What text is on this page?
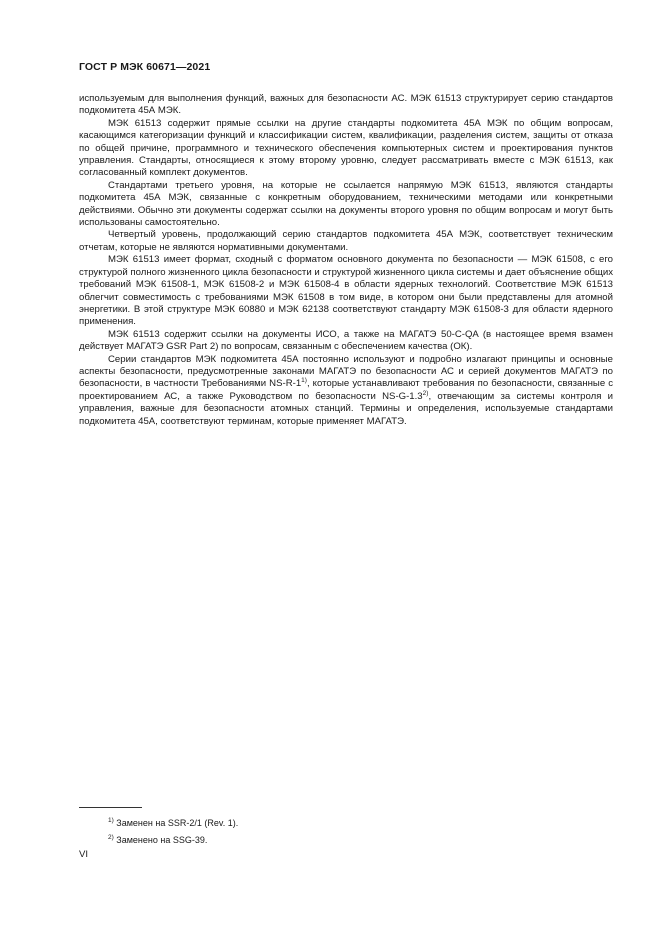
ГОСТ Р МЭК 60671—2021

используемым для выполнения функций, важных для безопасности АС. МЭК 61513 структурирует серию стандартов подкомитета 45А МЭК.

МЭК 61513 содержит прямые ссылки на другие стандарты подкомитета 45А МЭК по общим вопросам, касающимся категоризации функций и классификации систем, квалификации, разделения систем, защиты от отказа по общей причине, программного и технического обеспечения компьютерных систем и проектирования пунктов управления. Стандарты, относящиеся к этому второму уровню, следует рассматривать вместе с МЭК 61513, как согласованный комплект документов.

Стандартами третьего уровня, на которые не ссылается напрямую МЭК 61513, являются стандарты подкомитета 45А МЭК, связанные с конкретным оборудованием, техническими методами или конкретными действиями. Обычно эти документы содержат ссылки на документы второго уровня по общим вопросам и могут быть использованы самостоятельно.

Четвертый уровень, продолжающий серию стандартов подкомитета 45А МЭК, соответствует техническим отчетам, которые не являются нормативными документами.

МЭК 61513 имеет формат, сходный с форматом основного документа по безопасности — МЭК 61508, с его структурой полного жизненного цикла безопасности и структурой жизненного цикла системы и дает объяснение общих требований МЭК 61508-1, МЭК 61508-2 и МЭК 61508-4 в области ядерных технологий. Соответствие МЭК 61513 облегчит совместимость с требованиями МЭК 61508 в том виде, в котором они были представлены для атомной энергетики. В этой структуре МЭК 60880 и МЭК 62138 соответствуют стандарту МЭК 61508-3 для области ядерного применения.

МЭК 61513 содержит ссылки на документы ИСО, а также на МАГАТЭ 50-С-QA (в настоящее время взамен действует МАГАТЭ GSR Part 2) по вопросам, связанным с обеспечением качества (ОК).

Серии стандартов МЭК подкомитета 45А постоянно используют и подробно излагают принципы и основные аспекты безопасности, предусмотренные законами МАГАТЭ по безопасности АС и серией документов МАГАТЭ по безопасности, в частности Требованиями NS-R-1$^{1)}$, которые устанавливают требования по безопасности, связанные с проектированием АС, а также Руководством по безопасности NS-G-1.3$^{2)}$, отвечающим за системы контроля и управления, важные для безопасности атомных станций. Термины и определения, используемые стандартами подкомитета 45А, соответствуют терминам, которые применяет МАГАТЭ.

$^{1)}$ Заменен на SSR-2/1 (Rev. 1).

$^{2)}$ Заменено на SSG-39.

VI
